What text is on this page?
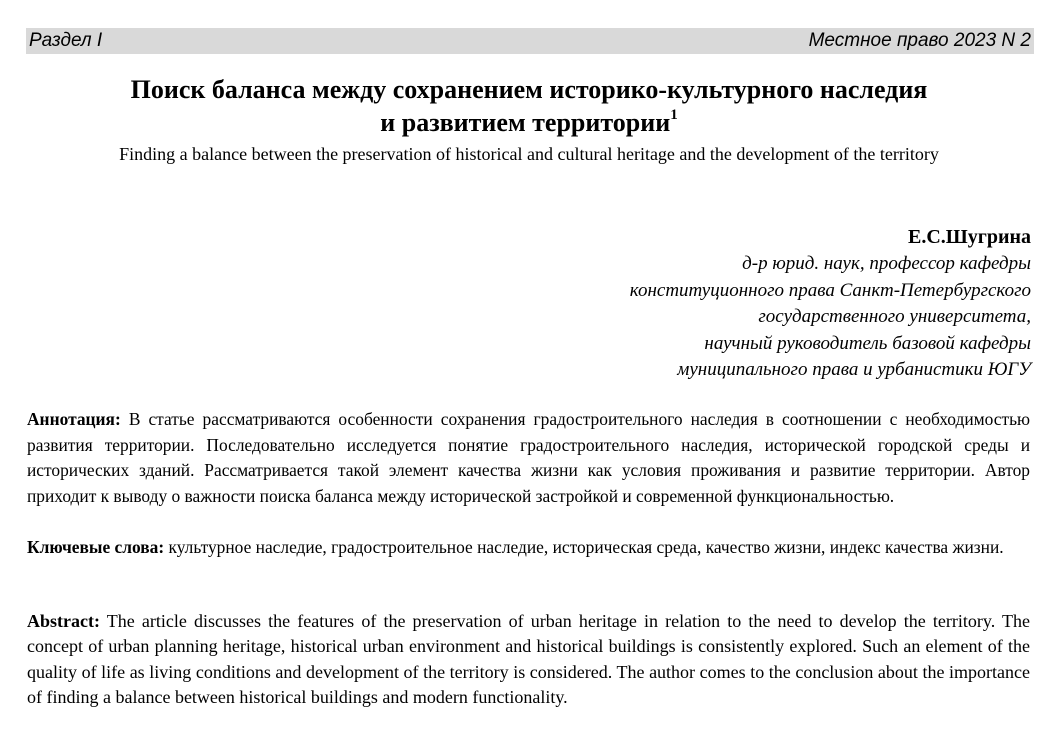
Раздел I	Местное право 2023 N 2
Поиск баланса между сохранением историко-культурного наследия
и развитием территории$^1$
Finding a balance between the preservation of historical and cultural heritage and the development of the territory
Е.С.Шугрина
д-р юрид. наук, профессор кафедры
конституционного права Санкт-Петербургского
государственного университета,
научный руководитель базовой кафедры
муниципального права и урбанистики ЮГУ
Аннотация: В статье рассматриваются особенности сохранения градостроительного наследия в соотношении с необходимостью развития территории. Последовательно исследуется понятие градостроительного наследия, исторической городской среды и исторических зданий. Рассматривается такой элемент качества жизни как условия проживания и развитие территории. Автор приходит к выводу о важности поиска баланса между исторической застройкой и современной функциональностью.
Ключевые слова: культурное наследие, градостроительное наследие, историческая среда, качество жизни, индекс качества жизни.
Abstract: The article discusses the features of the preservation of urban heritage in relation to the need to develop the territory. The concept of urban planning heritage, historical urban environment and historical buildings is consistently explored. Such an element of the quality of life as living conditions and development of the territory is considered. The author comes to the conclusion about the importance of finding a balance between historical buildings and modern functionality.
